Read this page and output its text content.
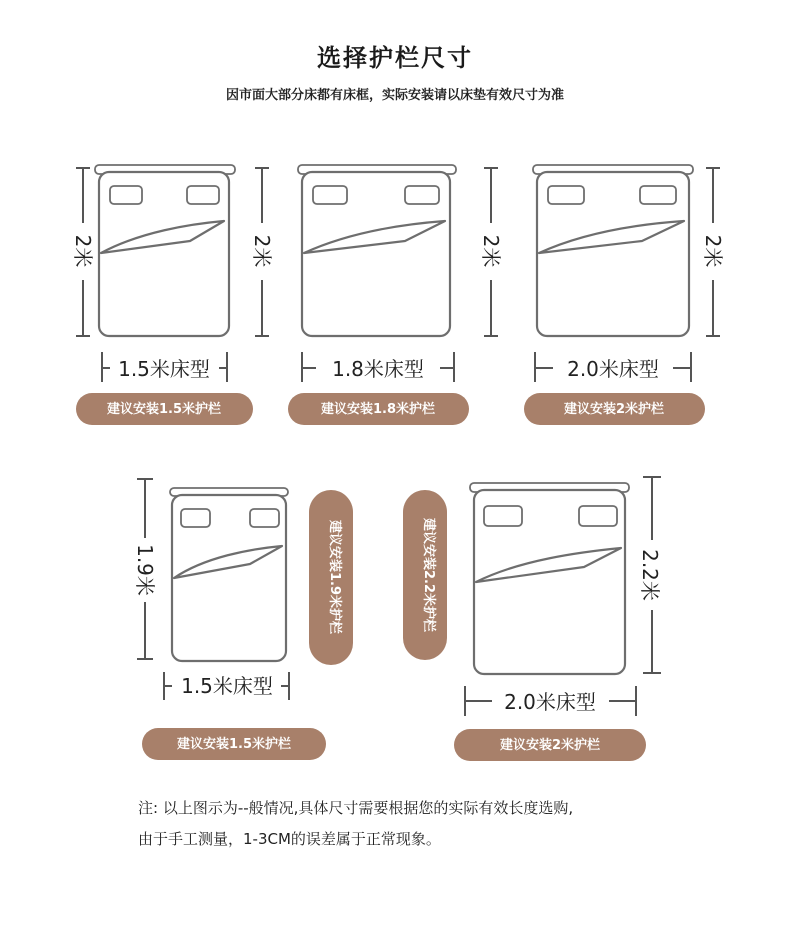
选择护栏尺寸
因市面大部分床都有床框，实际安装请以床垫有效尺寸为准
2米
1.5米床型
建议安装1.5米护栏
2米
1.8米床型
建议安装1.8米护栏
2米	2米
2.0米床型
建议安装2米护栏
1.9米
1.5米床型
建议安装1.9米护栏
建议安装1.5米护栏
建议安装2.2米护栏	2.2米
2.0米床型
建议安装2米护栏
注: 以上图示为--般情况,具体尺寸需要根据您的实际有效长度选购,
由于手工测量，1-3CM的误差属于正常现象。
